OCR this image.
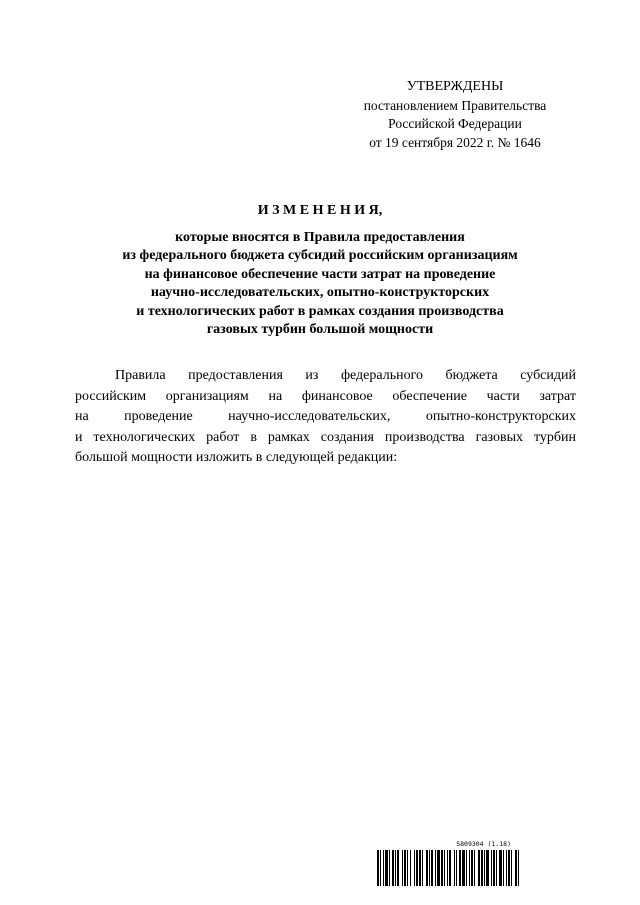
УТВЕРЖДЕНЫ
постановлением Правительства
Российской Федерации
от 19 сентября 2022 г. № 1646
И З М Е Н Е Н И Я,
которые вносятся в Правила предоставления
из федерального бюджета субсидий российским организациям
на финансовое обеспечение части затрат на проведение
научно-исследовательских, опытно-конструкторских
и технологических работ в рамках создания производства
газовых турбин большой мощности
Правила предоставления из федерального бюджета субсидий
российским организациям на финансовое обеспечение части затрат
на проведение научно-исследовательских, опытно-конструкторских
и технологических работ в рамках создания производства газовых турбин
большой мощности изложить в следующей редакции:
5809304 (1.18)
